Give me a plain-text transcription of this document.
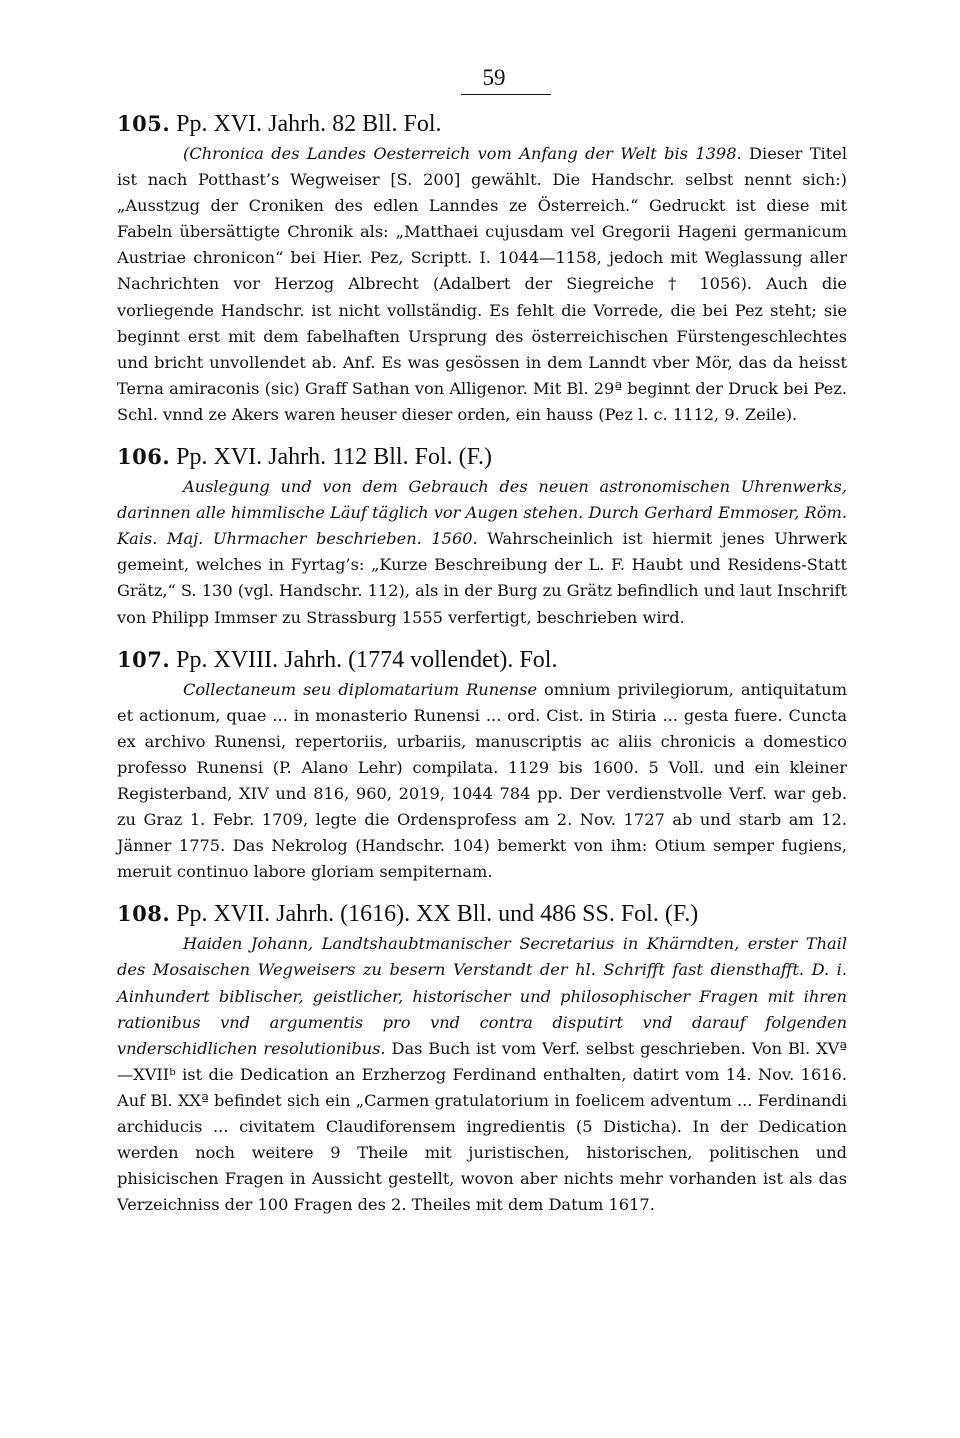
59
105. Pp. XVI. Jahrh. 82 Bll. Fol.

(Chronica des Landes Oesterreich vom Anfang der Welt bis 1398. Dieser Titel ist nach Potthast’s Wegweiser [S. 200] gewählt. Die Handschr. selbst nennt sich:) „Ausstzug der Croniken des edlen Lanndes ze Österreich.“ Gedruckt ist diese mit Fabeln übersättigte Chronik als: „Matthaei cujusdam vel Gregorii Hageni germanicum Austriae chronicon“ bei Hier. Pez, Scriptt. I. 1044—1158, jedoch mit Weglassung aller Nachrichten vor Herzog Albrecht (Adalbert der Siegreiche † 1056). Auch die vorliegende Handschr. ist nicht vollständig. Es fehlt die Vorrede, die bei Pez steht; sie beginnt erst mit dem fabelhaften Ursprung des österreichischen Fürstengeschlechtes und bricht unvollendet ab. Anf. Es was gesössen in dem Lanndt vber Mör, das da heisst Terna amiraconis (sic) Graff Sathan von Alligenor. Mit Bl. 29ª beginnt der Druck bei Pez. Schl. vnnd ze Akers waren heuser dieser orden, ein hauss (Pez l. c. 1112, 9. Zeile).

106. Pp. XVI. Jahrh. 112 Bll. Fol. (F.)

Auslegung und von dem Gebrauch des neuen astronomischen Uhrenwerks, darinnen alle himmlische Läuf täglich vor Augen stehen. Durch Gerhard Emmoser, Röm. Kais. Maj. Uhrmacher beschrieben. 1560. Wahrscheinlich ist hiermit jenes Uhrwerk gemeint, welches in Fyrtag’s: „Kurze Beschreibung der L. F. Haubt und Residens-Statt Grätz,“ S. 130 (vgl. Handschr. 112), als in der Burg zu Grätz befindlich und laut Inschrift von Philipp Immser zu Strassburg 1555 verfertigt, beschrieben wird.

107. Pp. XVIII. Jahrh. (1774 vollendet). Fol.

Collectaneum seu diplomatarium Runense omnium privilegiorum, antiquitatum et actionum, quae ... in monasterio Runensi ... ord. Cist. in Stiria ... gesta fuere. Cuncta ex archivo Runensi, repertoriis, urbariis, manuscriptis ac aliis chronicis a domestico professo Runensi (P. Alano Lehr) compilata. 1129 bis 1600. 5 Voll. und ein kleiner Registerband, XIV und 816, 960, 2019, 1044 784 pp. Der verdienstvolle Verf. war geb. zu Graz 1. Febr. 1709, legte die Ordensprofess am 2. Nov. 1727 ab und starb am 12. Jänner 1775. Das Nekrolog (Handschr. 104) bemerkt von ihm: Otium semper fugiens, meruit continuo labore gloriam sempiternam.

108. Pp. XVII. Jahrh. (1616). XX Bll. und 486 SS. Fol. (F.)

Haiden Johann, Landtshaubtmanischer Secretarius in Khärndten, erster Thail des Mosaischen Wegweisers zu besern Verstandt der hl. Schrifft fast diensthafft. D. i. Ainhundert biblischer, geistlicher, historischer und philosophischer Fragen mit ihren rationibus vnd argumentis pro vnd contra disputirt vnd darauf folgenden vnderschidlichen resolutionibus. Das Buch ist vom Verf. selbst geschrieben. Von Bl. XVª—XVIIᵇ ist die Dedication an Erzherzog Ferdinand enthalten, datirt vom 14. Nov. 1616. Auf Bl. XXª befindet sich ein „Carmen gratulatorium in foelicem adventum ... Ferdinandi archiducis ... civitatem Claudiforensem ingredientis (5 Disticha). In der Dedication werden noch weitere 9 Theile mit juristischen, historischen, politischen und phisicischen Fragen in Aussicht gestellt, wovon aber nichts mehr vorhanden ist als das Verzeichniss der 100 Fragen des 2. Theiles mit dem Datum 1617.
